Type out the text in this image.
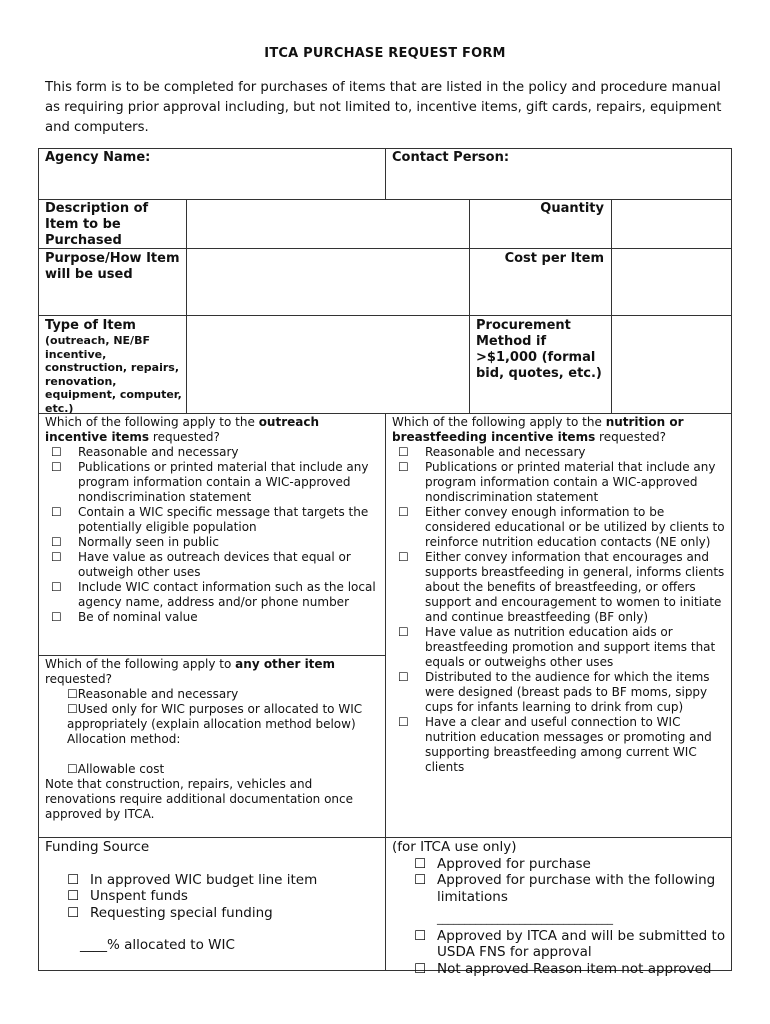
ITCA PURCHASE REQUEST FORM
This form is to be completed for purchases of items that are listed in the policy and procedure manual as requiring prior approval including, but not limited to, incentive items, gift cards, repairs, equipment and computers.
Agency Name:	Contact Person:
Description of Item to be Purchased
Quantity
Purpose/How Item will be used
Cost per Item
Type of Item
(outreach, NE/BF incentive, construction, repairs, renovation, equipment, computer, etc.)
Procurement Method if >$1,000 (formal bid, quotes, etc.)
Which of the following apply to the outreach incentive items requested?
☐ Reasonable and necessary
☐ Publications or printed material that include any program information contain a WIC-approved nondiscrimination statement
☐ Contain a WIC specific message that targets the potentially eligible population
☐ Normally seen in public
☐ Have value as outreach devices that equal or outweigh other uses
☐ Include WIC contact information such as the local agency name, address and/or phone number
☐ Be of nominal value
Which of the following apply to any other item requested?
☐Reasonable and necessary
☐Used only for WIC purposes or allocated to WIC appropriately (explain allocation method below)
Allocation method:
☐Allowable cost
Note that construction, repairs, vehicles and renovations require additional documentation once approved by ITCA.
Which of the following apply to the nutrition or breastfeeding incentive items requested?
☐ Reasonable and necessary
☐ Publications or printed material that include any program information contain a WIC-approved nondiscrimination statement
☐ Either convey enough information to be considered educational or be utilized by clients to reinforce nutrition education contacts (NE only)
☐ Either convey information that encourages and supports breastfeeding in general, informs clients about the benefits of breastfeeding, or offers support and encouragement to women to initiate and continue breastfeeding (BF only)
☐ Have value as nutrition education aids or breastfeeding promotion and support items that equals or outweighs other uses
☐ Distributed to the audience for which the items were designed (breast pads to BF moms, sippy cups for infants learning to drink from cup)
☐ Have a clear and useful connection to WIC nutrition education messages or promoting and supporting breastfeeding among current WIC clients
Funding Source
☐ In approved WIC budget line item
☐ Unspent funds
☐ Requesting special funding
____% allocated to WIC
(for ITCA use only)
☐ Approved for purchase
☐ Approved for purchase with the following limitations
________________________________
☐ Approved by ITCA and will be submitted to USDA FNS for approval
☐ Not approved Reason item not approved
